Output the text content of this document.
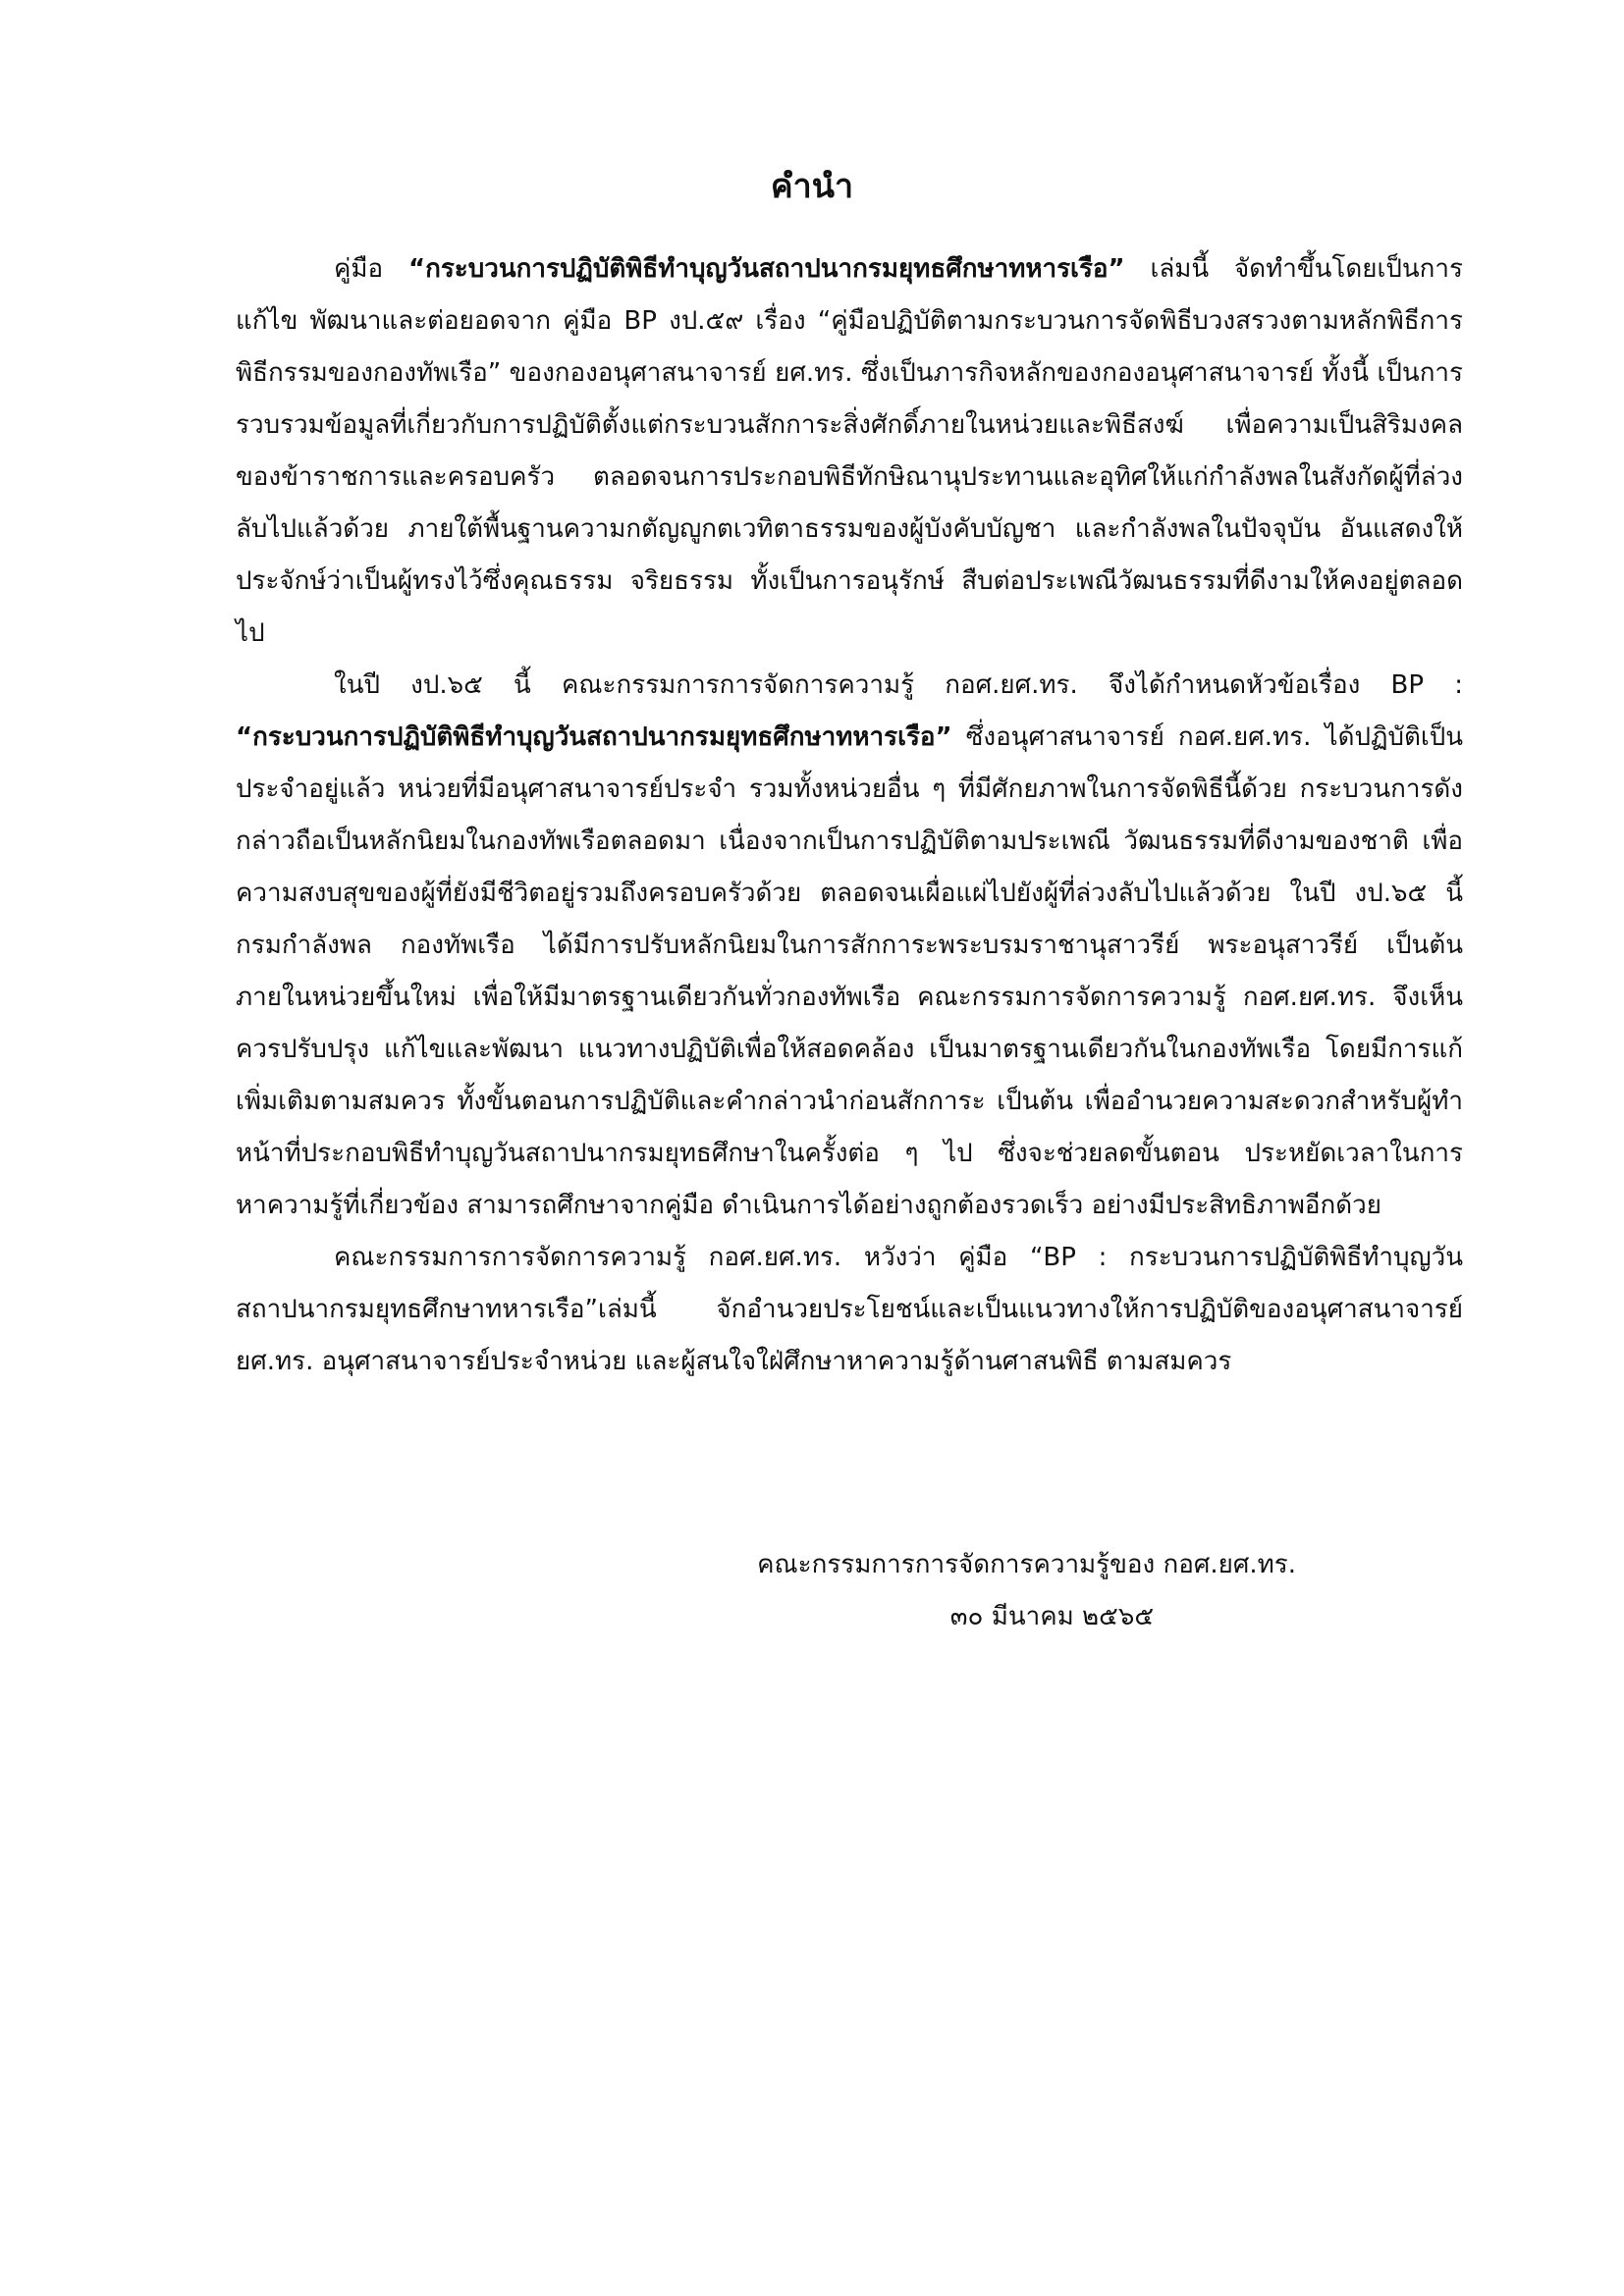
คำนำ

คู่มือ “กระบวนการปฏิบัติพิธีทำบุญวันสถาปนากรมยุทธศึกษาทหารเรือ” เล่มนี้ จัดทำขึ้นโดยเป็นการแก้ไข พัฒนาและต่อยอดจาก คู่มือ BP งป.๕๙ เรื่อง “คู่มือปฏิบัติตามกระบวนการจัดพิธีบวงสรวงตามหลักพิธีการพิธีกรรมของกองทัพเรือ” ของกองอนุศาสนาจารย์ ยศ.ทร. ซึ่งเป็นภารกิจหลักของกองอนุศาสนาจารย์ ทั้งนี้ เป็นการรวบรวมข้อมูลที่เกี่ยวกับการปฏิบัติตั้งแต่กระบวนสักการะสิ่งศักดิ์ภายในหน่วยและพิธีสงฆ์ เพื่อความเป็นสิริมงคลของข้าราชการและครอบครัว ตลอดจนการประกอบพิธีทักษิณานุประทานและอุทิศให้แก่กำลังพลในสังกัดผู้ที่ล่วงลับไปแล้วด้วย ภายใต้พื้นฐานความกตัญญูกตเวทิตาธรรมของผู้บังคับบัญชา และกำลังพลในปัจจุบัน อันแสดงให้ประจักษ์ว่าเป็นผู้ทรงไว้ซึ่งคุณธรรม จริยธรรม ทั้งเป็นการอนุรักษ์ สืบต่อประเพณีวัฒนธรรมที่ดีงามให้คงอยู่ตลอดไป

ในปี งป.๖๕ นี้ คณะกรรมการการจัดการความรู้ กอศ.ยศ.ทร. จึงได้กำหนดหัวข้อเรื่อง BP : “กระบวนการปฏิบัติพิธีทำบุญวันสถาปนากรมยุทธศึกษาทหารเรือ” ซึ่งอนุศาสนาจารย์ กอศ.ยศ.ทร. ได้ปฏิบัติเป็นประจำอยู่แล้ว หน่วยที่มีอนุศาสนาจารย์ประจำ รวมทั้งหน่วยอื่น ๆ ที่มีศักยภาพในการจัดพิธีนี้ด้วย กระบวนการดังกล่าวถือเป็นหลักนิยมในกองทัพเรือตลอดมา เนื่องจากเป็นการปฏิบัติตามประเพณี วัฒนธรรมที่ดีงามของชาติ เพื่อความสงบสุขของผู้ที่ยังมีชีวิตอยู่รวมถึงครอบครัวด้วย ตลอดจนเผื่อแผ่ไปยังผู้ที่ล่วงลับไปแล้วด้วย ในปี งป.๖๕ นี้ กรมกำลังพล กองทัพเรือ ได้มีการปรับหลักนิยมในการสักการะพระบรมราชานุสาวรีย์ พระอนุสาวรีย์ เป็นต้น ภายในหน่วยขึ้นใหม่ เพื่อให้มีมาตรฐานเดียวกันทั่วกองทัพเรือ คณะกรรมการจัดการความรู้ กอศ.ยศ.ทร. จึงเห็นควรปรับปรุง แก้ไขและพัฒนา แนวทางปฏิบัติเพื่อให้สอดคล้อง เป็นมาตรฐานเดียวกันในกองทัพเรือ โดยมีการแก้เพิ่มเติมตามสมควร ทั้งขั้นตอนการปฏิบัติและคำกล่าวนำก่อนสักการะ เป็นต้น เพื่ออำนวยความสะดวกสำหรับผู้ทำหน้าที่ประกอบพิธีทำบุญวันสถาปนากรมยุทธศึกษาในครั้งต่อ ๆ ไป ซึ่งจะช่วยลดขั้นตอน ประหยัดเวลาในการหาความรู้ที่เกี่ยวข้อง สามารถศึกษาจากคู่มือ ดำเนินการได้อย่างถูกต้องรวดเร็ว อย่างมีประสิทธิภาพอีกด้วย

คณะกรรมการการจัดการความรู้ กอศ.ยศ.ทร. หวังว่า คู่มือ “BP : กระบวนการปฏิบัติพิธีทำบุญวันสถาปนากรมยุทธศึกษาทหารเรือ”เล่มนี้ จักอำนวยประโยชน์และเป็นแนวทางให้การปฏิบัติของอนุศาสนาจารย์ ยศ.ทร. อนุศาสนาจารย์ประจำหน่วย และผู้สนใจใฝ่ศึกษาหาความรู้ด้านศาสนพิธี ตามสมควร

คณะกรรมการการจัดการความรู้ของ กอศ.ยศ.ทร.
๓๐ มีนาคม ๒๕๖๕
